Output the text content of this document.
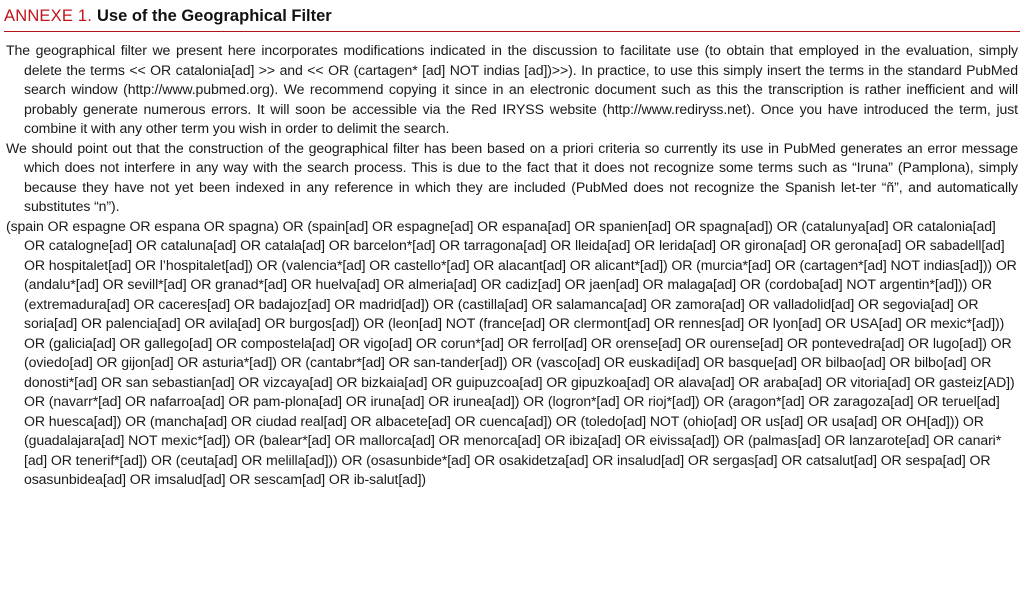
ANNEXE 1. Use of the Geographical Filter

The geographical filter we present here incorporates modifications indicated in the discussion to facilitate use (to obtain that employed in the evaluation, simply delete the terms << OR catalonia[ad] >> and << OR (cartagen* [ad] NOT indias [ad])>>). In practice, to use this simply insert the terms in the standard PubMed search window (http://www.pubmed.org). We recommend copying it since in an electronic document such as this the transcription is rather inefficient and will probably generate numerous errors. It will soon be accessible via the Red IRYSS website (http://www.rediryss.net). Once you have introduced the term, just combine it with any other term you wish in order to delimit the search.

We should point out that the construction of the geographical filter has been based on a priori criteria so currently its use in PubMed generates an error message which does not interfere in any way with the search process. This is due to the fact that it does not recognize some terms such as “Iruna” (Pamplona), simply because they have not yet been indexed in any reference in which they are included (PubMed does not recognize the Spanish let-ter “ñ”, and automatically substitutes “n”).

(spain OR espagne OR espana OR spagna) OR (spain[ad] OR espagne[ad] OR espana[ad] OR spanien[ad] OR spagna[ad]) OR (catalunya[ad] OR catalonia[ad] OR catalogne[ad] OR cataluna[ad] OR catala[ad] OR barcelon*[ad] OR tarragona[ad] OR lleida[ad] OR lerida[ad] OR girona[ad] OR gerona[ad] OR sabadell[ad] OR hospitalet[ad] OR l’hospitalet[ad]) OR (valencia*[ad] OR castello*[ad] OR alacant[ad] OR alicant*[ad]) OR (murcia*[ad] OR (cartagen*[ad] NOT indias[ad])) OR (andalu*[ad] OR sevill*[ad] OR granad*[ad] OR huelva[ad] OR almeria[ad] OR cadiz[ad] OR jaen[ad] OR malaga[ad] OR (cordoba[ad] NOT argentin*[ad])) OR (extremadura[ad] OR caceres[ad] OR badajoz[ad] OR madrid[ad]) OR (castilla[ad] OR salamanca[ad] OR zamora[ad] OR valladolid[ad] OR segovia[ad] OR soria[ad] OR palencia[ad] OR avila[ad] OR burgos[ad]) OR (leon[ad] NOT (france[ad] OR clermont[ad] OR rennes[ad] OR lyon[ad] OR USA[ad] OR mexic*[ad])) OR (galicia[ad] OR gallego[ad] OR compostela[ad] OR vigo[ad] OR corun*[ad] OR ferrol[ad] OR orense[ad] OR ourense[ad] OR pontevedra[ad] OR lugo[ad]) OR (oviedo[ad] OR gijon[ad] OR asturia*[ad]) OR (cantabr*[ad] OR san-tander[ad]) OR (vasco[ad] OR euskadi[ad] OR basque[ad] OR bilbao[ad] OR bilbo[ad] OR donosti*[ad] OR san sebastian[ad] OR vizcaya[ad] OR bizkaia[ad] OR guipuzcoa[ad] OR gipuzkoa[ad] OR alava[ad] OR araba[ad] OR vitoria[ad] OR gasteiz[AD]) OR (navarr*[ad] OR nafarroa[ad] OR pam-plona[ad] OR iruna[ad] OR irunea[ad]) OR (logron*[ad] OR rioj*[ad]) OR (aragon*[ad] OR zaragoza[ad] OR teruel[ad] OR huesca[ad]) OR (mancha[ad] OR ciudad real[ad] OR albacete[ad] OR cuenca[ad]) OR (toledo[ad] NOT (ohio[ad] OR us[ad] OR usa[ad] OR OH[ad])) OR (guadalajara[ad] NOT mexic*[ad]) OR (balear*[ad] OR mallorca[ad] OR menorca[ad] OR ibiza[ad] OR eivissa[ad]) OR (palmas[ad] OR lanzarote[ad] OR canari*[ad] OR tenerif*[ad]) OR (ceuta[ad] OR melilla[ad])) OR (osasunbide*[ad] OR osakidetza[ad] OR insalud[ad] OR sergas[ad] OR catsalut[ad] OR sespa[ad] OR osasunbidea[ad] OR imsalud[ad] OR sescam[ad] OR ib-salut[ad])
